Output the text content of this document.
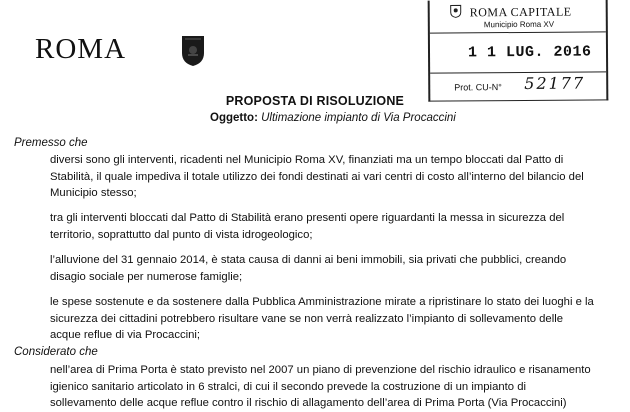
ROMA
ROMA CAPITALE
Municipio Roma XV
1 1 LUG. 2016
Prot. CU-N° 52177
PROPOSTA DI RISOLUZIONE
Oggetto: Ultimazione impianto di Via Procaccini
Premesso che
diversi sono gli interventi, ricadenti nel Municipio Roma XV, finanziati ma un tempo bloccati dal Patto di
Stabilità, il quale impediva il totale utilizzo dei fondi destinati ai vari centri di costo all’interno del bilancio del
Municipio stesso;
tra gli interventi bloccati dal Patto di Stabilità erano presenti opere riguardanti la messa in sicurezza del
territorio, soprattutto dal punto di vista idrogeologico;
l’alluvione del 31 gennaio 2014, è stata causa di danni ai beni immobili, sia privati che pubblici, creando
disagio sociale per numerose famiglie;
le spese sostenute e da sostenere dalla Pubblica Amministrazione mirate a ripristinare lo stato dei luoghi e la
sicurezza dei cittadini potrebbero risultare vane se non verrà realizzato l’impianto di sollevamento delle
acque reflue di via Procaccini;
Considerato che
nell’area di Prima Porta è stato previsto nel 2007 un piano di prevenzione del rischio idraulico e risanamento
igienico sanitario articolato in 6 stralci, di cui il secondo prevede la costruzione di un impianto di
sollevamento delle acque reflue contro il rischio di allagamento dell’area di Prima Porta (Via Procaccini)
